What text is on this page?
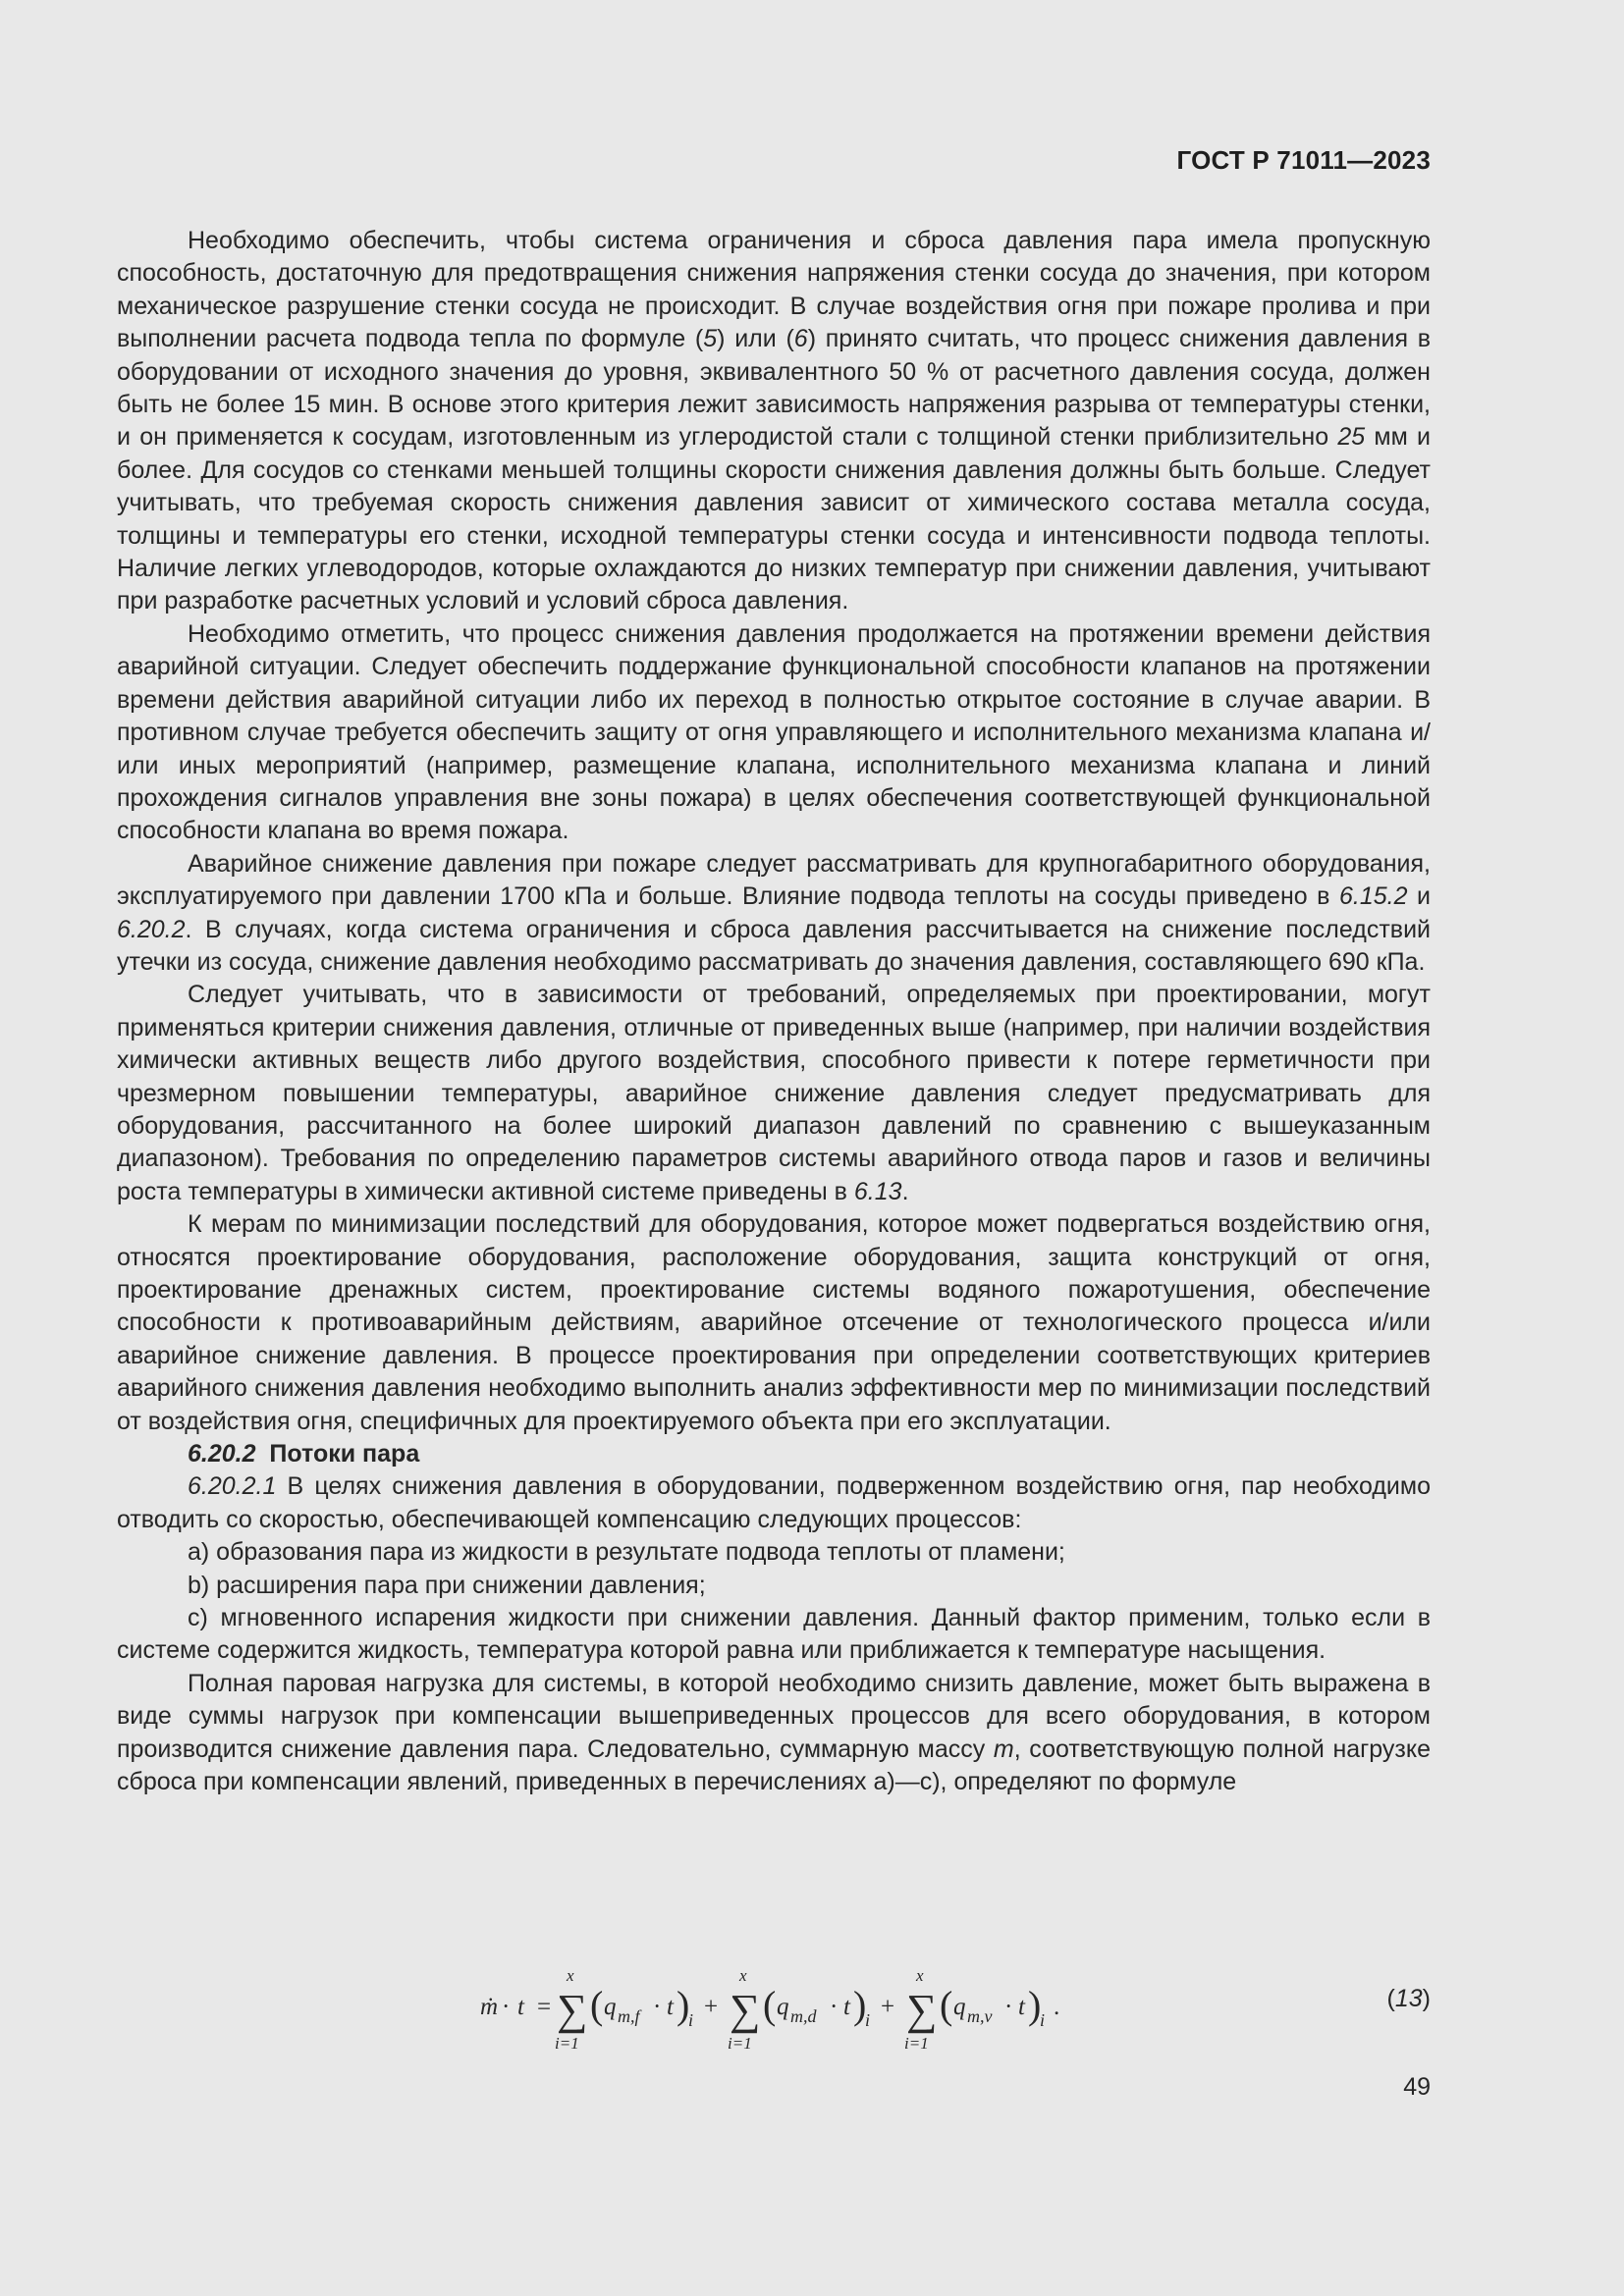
ГОСТ Р 71011—2023

Необходимо обеспечить, чтобы система ограничения и сброса давления пара имела пропускную способность, достаточную для предотвращения снижения напряжения стенки сосуда до значения, при котором механическое разрушение стенки сосуда не происходит. В случае воздействия огня при пожаре пролива и при выполнении расчета подвода тепла по формуле (5) или (6) принято считать, что процесс снижения давления в оборудовании от исходного значения до уровня, эквивалентного 50 % от расчетного давления сосуда, должен быть не более 15 мин. В основе этого критерия лежит зависимость напряжения разрыва от температуры стенки, и он применяется к сосудам, изготовленным из углеродистой стали с толщиной стенки приблизительно 25 мм и более. Для сосудов со стенками меньшей толщины скорости снижения давления должны быть больше. Следует учитывать, что требуемая скорость снижения давления зависит от химического состава металла сосуда, толщины и температуры его стенки, исходной температуры стенки сосуда и интенсивности подвода теплоты. Наличие легких углеводородов, которые охлаждаются до низких температур при снижении давления, учитывают при разработке расчетных условий и условий сброса давления.

Необходимо отметить, что процесс снижения давления продолжается на протяжении времени действия аварийной ситуации. Следует обеспечить поддержание функциональной способности клапанов на протяжении времени действия аварийной ситуации либо их переход в полностью открытое состояние в случае аварии. В противном случае требуется обеспечить защиту от огня управляющего и исполнительного механизма клапана и/или иных мероприятий (например, размещение клапана, исполнительного механизма клапана и линий прохождения сигналов управления вне зоны пожара) в целях обеспечения соответствующей функциональной способности клапана во время пожара.

Аварийное снижение давления при пожаре следует рассматривать для крупногабаритного оборудования, эксплуатируемого при давлении 1700 кПа и больше. Влияние подвода теплоты на сосуды приведено в 6.15.2 и 6.20.2. В случаях, когда система ограничения и сброса давления рассчитывается на снижение последствий утечки из сосуда, снижение давления необходимо рассматривать до значения давления, составляющего 690 кПа.

Следует учитывать, что в зависимости от требований, определяемых при проектировании, могут применяться критерии снижения давления, отличные от приведенных выше (например, при наличии воздействия химически активных веществ либо другого воздействия, способного привести к потере герметичности при чрезмерном повышении температуры, аварийное снижение давления следует предусматривать для оборудования, рассчитанного на более широкий диапазон давлений по сравнению с вышеуказанным диапазоном). Требования по определению параметров системы аварийного отвода паров и газов и величины роста температуры в химически активной системе приведены в 6.13.

К мерам по минимизации последствий для оборудования, которое может подвергаться воздействию огня, относятся проектирование оборудования, расположение оборудования, защита конструкций от огня, проектирование дренажных систем, проектирование системы водяного пожаротушения, обеспечение способности к противоаварийным действиям, аварийное отсечение от технологического процесса и/или аварийное снижение давления. В процессе проектирования при определении соответствующих критериев аварийного снижения давления необходимо выполнить анализ эффективности мер по минимизации последствий от воздействия огня, специфичных для проектируемого объекта при его эксплуатации.

6.20.2 Потоки пара

6.20.2.1 В целях снижения давления в оборудовании, подверженном воздействию огня, пар необходимо отводить со скоростью, обеспечивающей компенсацию следующих процессов:

a) образования пара из жидкости в результате подвода теплоты от пламени;

b) расширения пара при снижении давления;

c) мгновенного испарения жидкости при снижении давления. Данный фактор применим, только если в системе содержится жидкость, температура которой равна или приближается к температуре насыщения.

Полная паровая нагрузка для системы, в которой необходимо снизить давление, может быть выражена в виде суммы нагрузок при компенсации вышеприведенных процессов для всего оборудования, в котором производится снижение давления пара. Следовательно, суммарную массу m, соответствующую полной нагрузке сброса при компенсации явлений, приведенных в перечислениях а)—с), определяют по формуле

ṁ · t =
x
∑
i=1
( q m,f · t )
i +
x
∑
i=1
( q m,d · t )
i +
x
∑
i=1
( q m,v · t )
i .	(13)
49
